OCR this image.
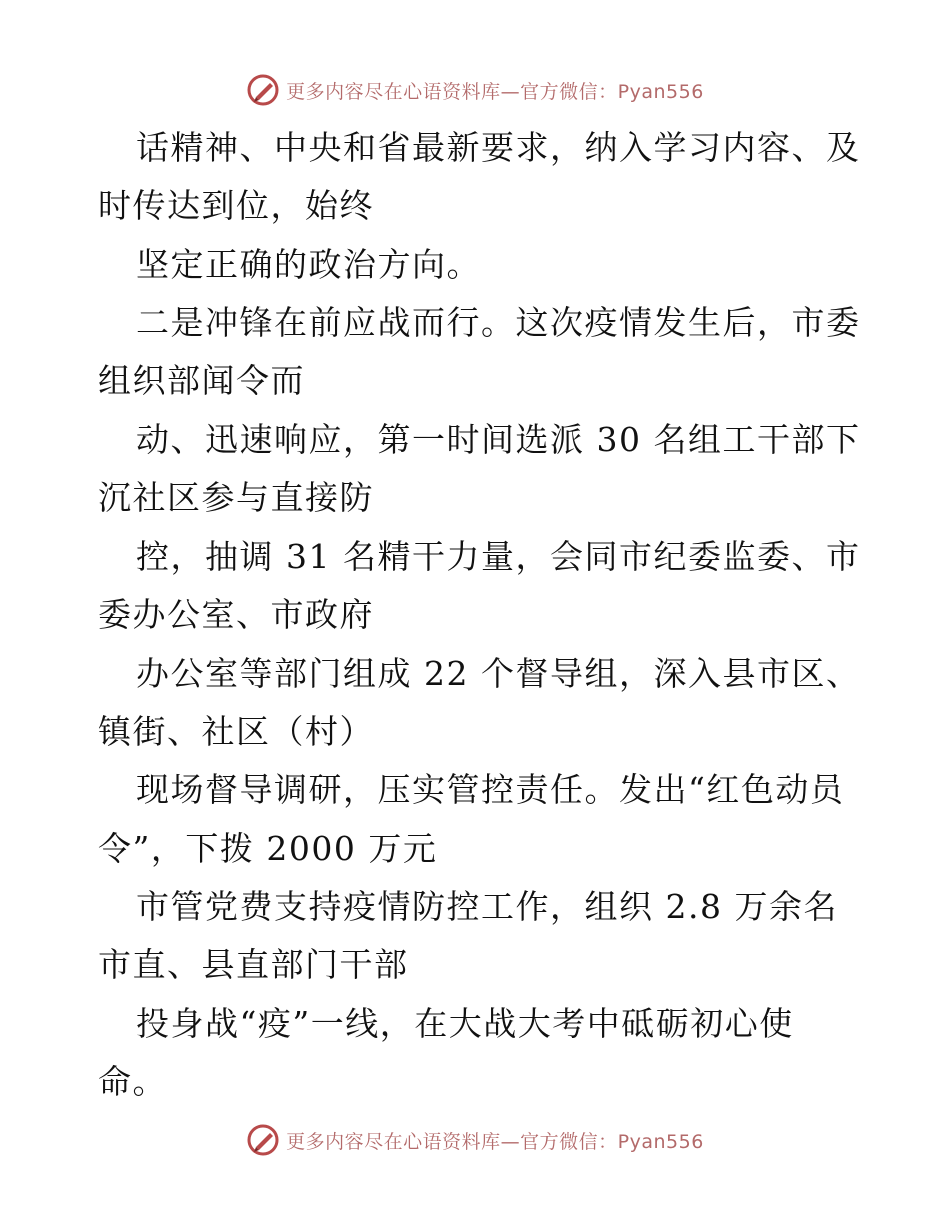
更多内容尽在心语资料库—官方微信：Pyan556
话精神、中央和省最新要求，纳入学习内容、及
时传达到位，始终
坚定正确的政治方向。
二是冲锋在前应战而行。这次疫情发生后，市委
组织部闻令而
动、迅速响应，第一时间选派 30 名组工干部下
沉社区参与直接防
控，抽调 31 名精干力量，会同市纪委监委、市
委办公室、市政府
办公室等部门组成 22 个督导组，深入县市区、
镇街、社区（村）
现场督导调研，压实管控责任。发出“红色动员
令”，下拨 2000 万元
市管党费支持疫情防控工作，组织 2.8 万余名
市直、县直部门干部
投身战“疫”一线，在大战大考中砥砺初心使
命。
更多内容尽在心语资料库—官方微信：Pyan556
